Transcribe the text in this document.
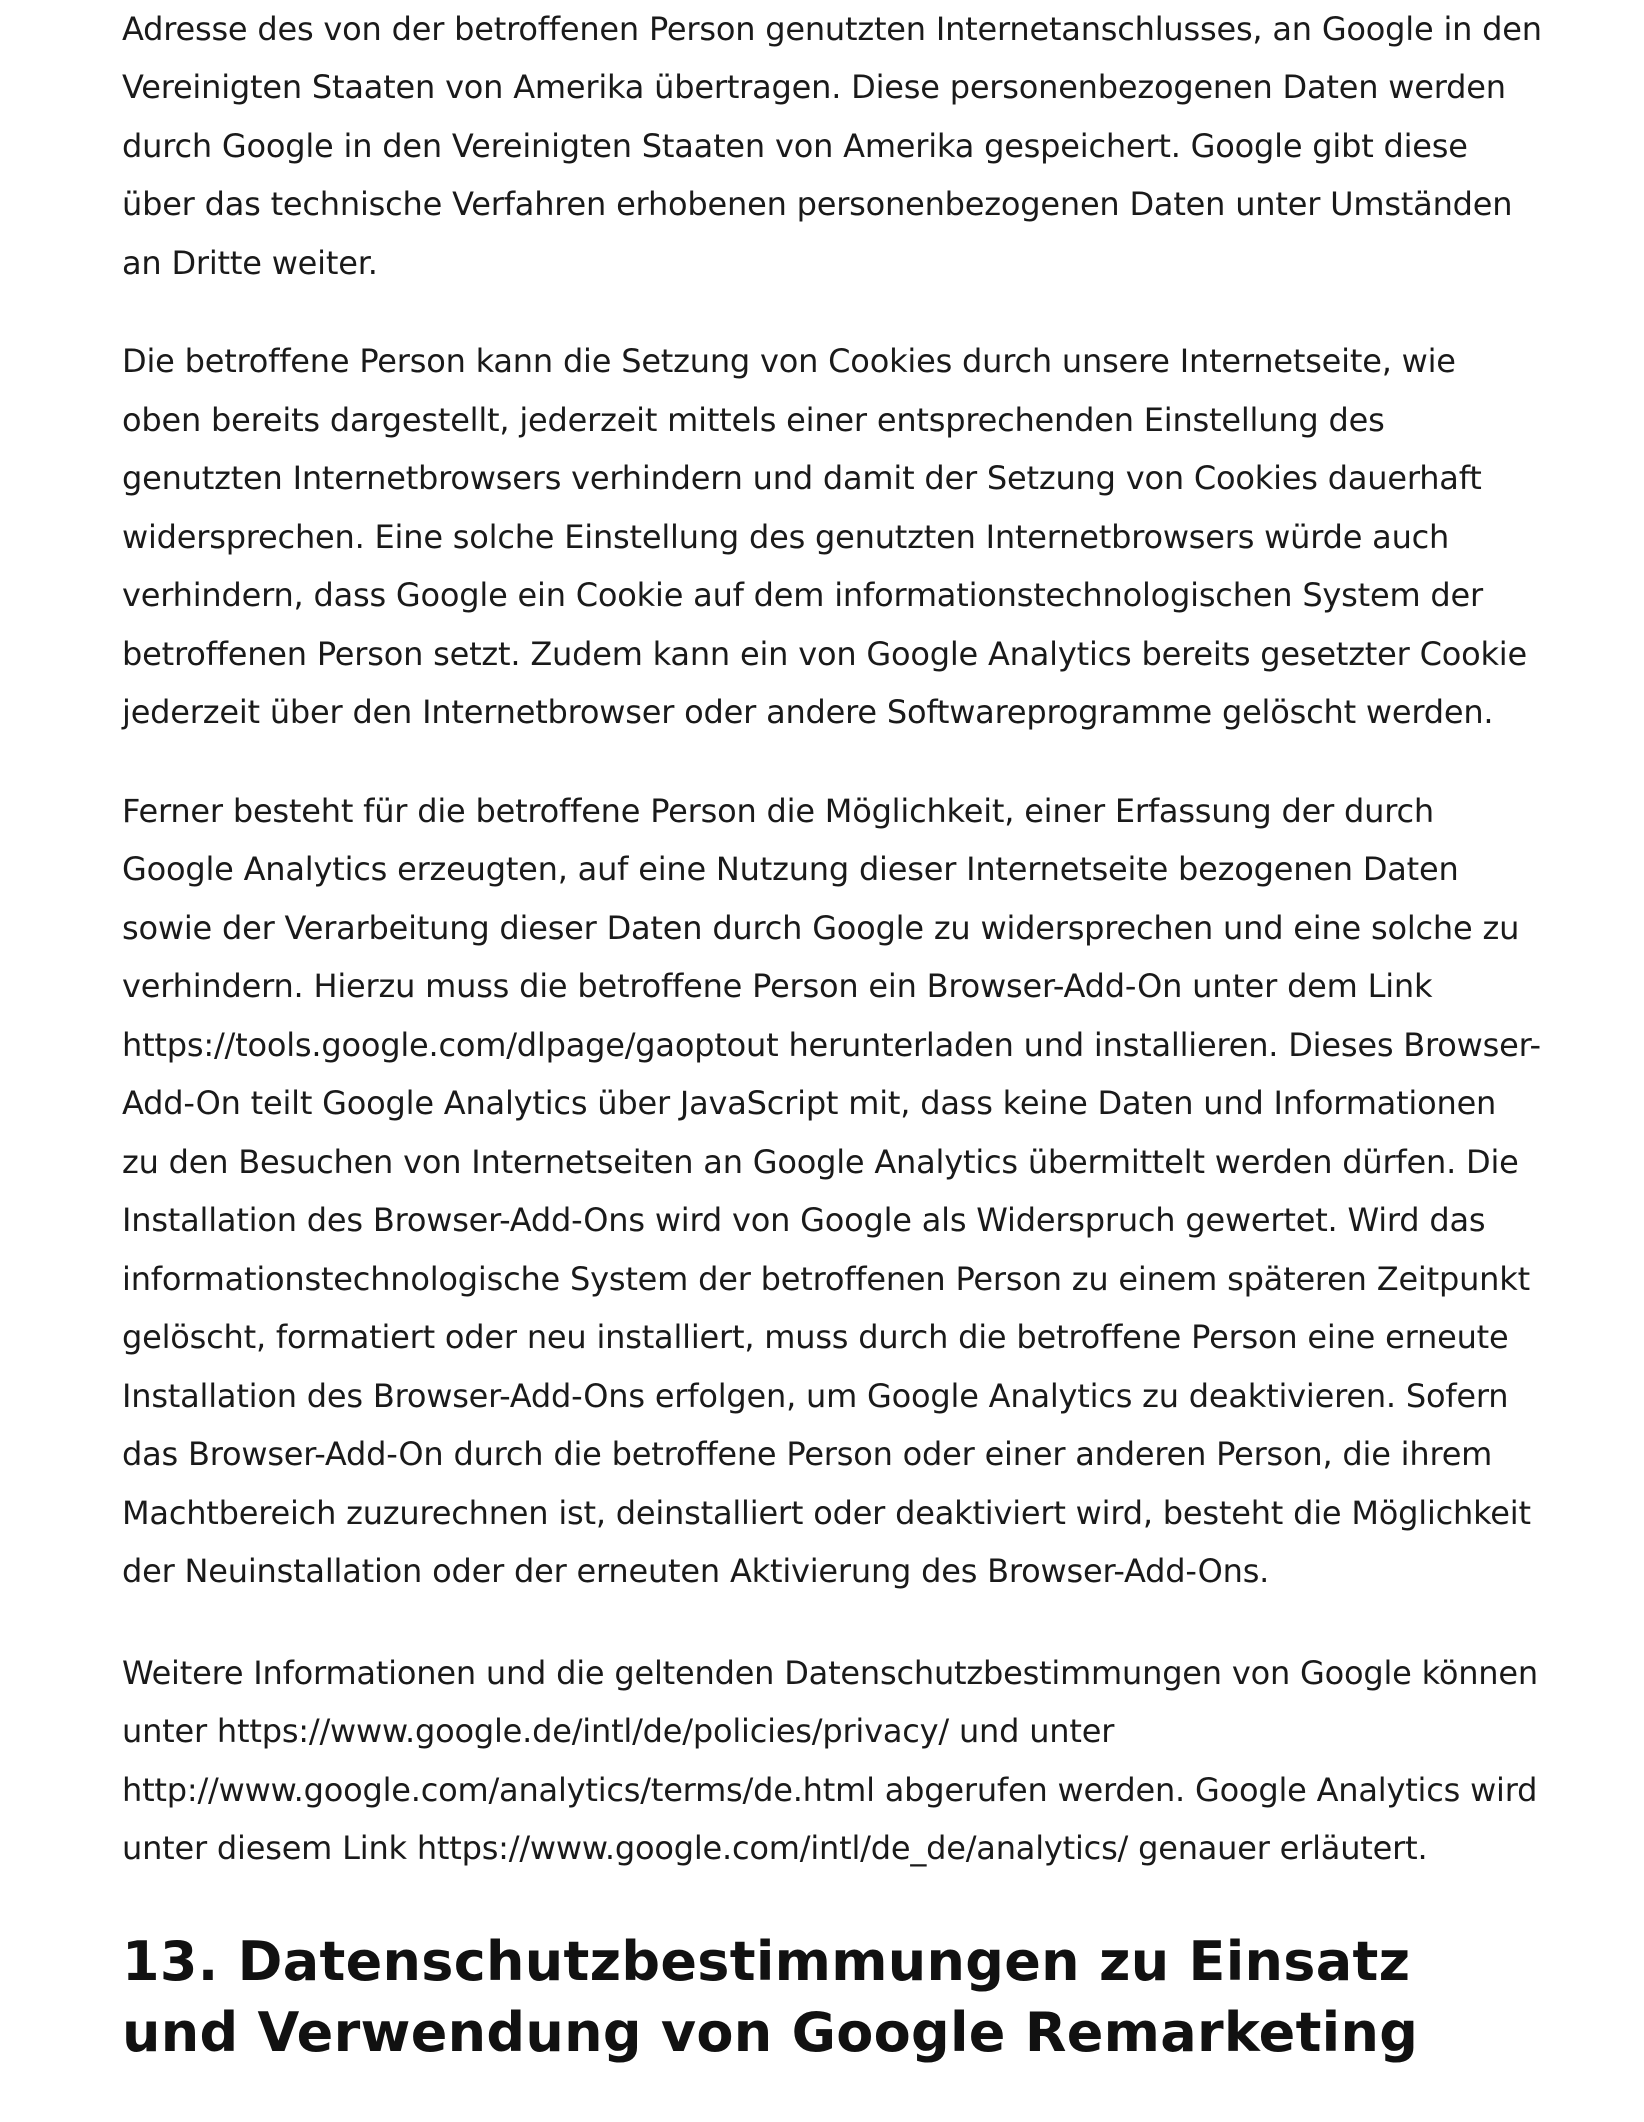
Adresse des von der betroffenen Person genutzten Internetanschlusses, an Google in den Vereinigten Staaten von Amerika übertragen. Diese personenbezogenen Daten werden durch Google in den Vereinigten Staaten von Amerika gespeichert. Google gibt diese über das technische Verfahren erhobenen personenbezogenen Daten unter Umständen an Dritte weiter.

Die betroffene Person kann die Setzung von Cookies durch unsere Internetseite, wie oben bereits dargestellt, jederzeit mittels einer entsprechenden Einstellung des genutzten Internetbrowsers verhindern und damit der Setzung von Cookies dauerhaft widersprechen. Eine solche Einstellung des genutzten Internetbrowsers würde auch verhindern, dass Google ein Cookie auf dem informationstechnologischen System der betroffenen Person setzt. Zudem kann ein von Google Analytics bereits gesetzter Cookie jederzeit über den Internetbrowser oder andere Softwareprogramme gelöscht werden.

Ferner besteht für die betroffene Person die Möglichkeit, einer Erfassung der durch Google Analytics erzeugten, auf eine Nutzung dieser Internetseite bezogenen Daten sowie der Verarbeitung dieser Daten durch Google zu widersprechen und eine solche zu verhindern. Hierzu muss die betroffene Person ein Browser-Add-On unter dem Link https://tools.google.com/dlpage/gaoptout herunterladen und installieren. Dieses Browser-Add-On teilt Google Analytics über JavaScript mit, dass keine Daten und Informationen zu den Besuchen von Internetseiten an Google Analytics übermittelt werden dürfen. Die Installation des Browser-Add-Ons wird von Google als Widerspruch gewertet. Wird das informationstechnologische System der betroffenen Person zu einem späteren Zeitpunkt gelöscht, formatiert oder neu installiert, muss durch die betroffene Person eine erneute Installation des Browser-Add-Ons erfolgen, um Google Analytics zu deaktivieren. Sofern das Browser-Add-On durch die betroffene Person oder einer anderen Person, die ihrem Machtbereich zuzurechnen ist, deinstalliert oder deaktiviert wird, besteht die Möglichkeit der Neuinstallation oder der erneuten Aktivierung des Browser-Add-Ons.

Weitere Informationen und die geltenden Datenschutzbestimmungen von Google können unter https://www.google.de/intl/de/policies/privacy/ und unter http://www.google.com/analytics/terms/de.html abgerufen werden. Google Analytics wird unter diesem Link https://www.google.com/intl/de_de/analytics/ genauer erläutert.

13. Datenschutzbestimmungen zu Einsatz und Verwendung von Google Remarketing
